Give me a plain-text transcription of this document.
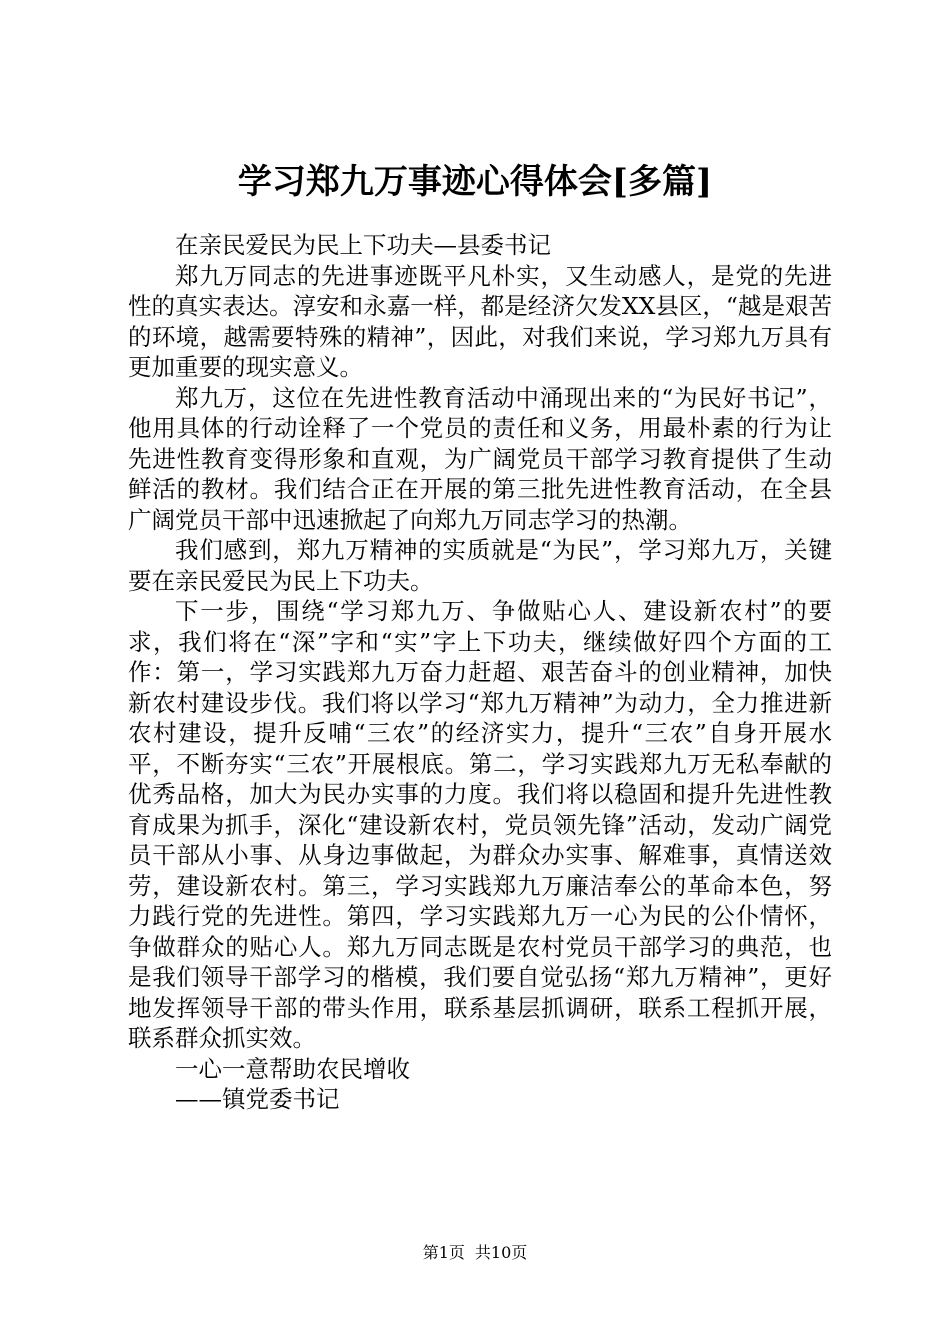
学习郑九万事迹心得体会[多篇]

在亲民爱民为民上下功夫—县委书记

郑九万同志的先进事迹既平凡朴实，又生动感人，是党的先进性的真实表达。淳安和永嘉一样，都是经济欠发XX县区，“越是艰苦的环境，越需要特殊的精神”，因此，对我们来说，学习郑九万具有更加重要的现实意义。

郑九万，这位在先进性教育活动中涌现出来的“为民好书记”，他用具体的行动诠释了一个党员的责任和义务，用最朴素的行为让先进性教育变得形象和直观，为广阔党员干部学习教育提供了生动鲜活的教材。我们结合正在开展的第三批先进性教育活动，在全县广阔党员干部中迅速掀起了向郑九万同志学习的热潮。

我们感到，郑九万精神的实质就是“为民”，学习郑九万，关键要在亲民爱民为民上下功夫。

下一步，围绕“学习郑九万、争做贴心人、建设新农村”的要求，我们将在“深”字和“实”字上下功夫，继续做好四个方面的工作：第一，学习实践郑九万奋力赶超、艰苦奋斗的创业精神，加快新农村建设步伐。我们将以学习“郑九万精神”为动力，全力推进新农村建设，提升反哺“三农”的经济实力，提升“三农”自身开展水平，不断夯实“三农”开展根底。第二，学习实践郑九万无私奉献的优秀品格，加大为民办实事的力度。我们将以稳固和提升先进性教育成果为抓手，深化“建设新农村，党员领先锋”活动，发动广阔党员干部从小事、从身边事做起，为群众办实事、解难事，真情送效劳，建设新农村。第三，学习实践郑九万廉洁奉公的革命本色，努力践行党的先进性。第四，学习实践郑九万一心为民的公仆情怀，争做群众的贴心人。郑九万同志既是农村党员干部学习的典范，也是我们领导干部学习的楷模，我们要自觉弘扬“郑九万精神”，更好地发挥领导干部的带头作用，联系基层抓调研，联系工程抓开展，联系群众抓实效。

一心一意帮助农民增收

——镇党委书记

第1页 共10页
